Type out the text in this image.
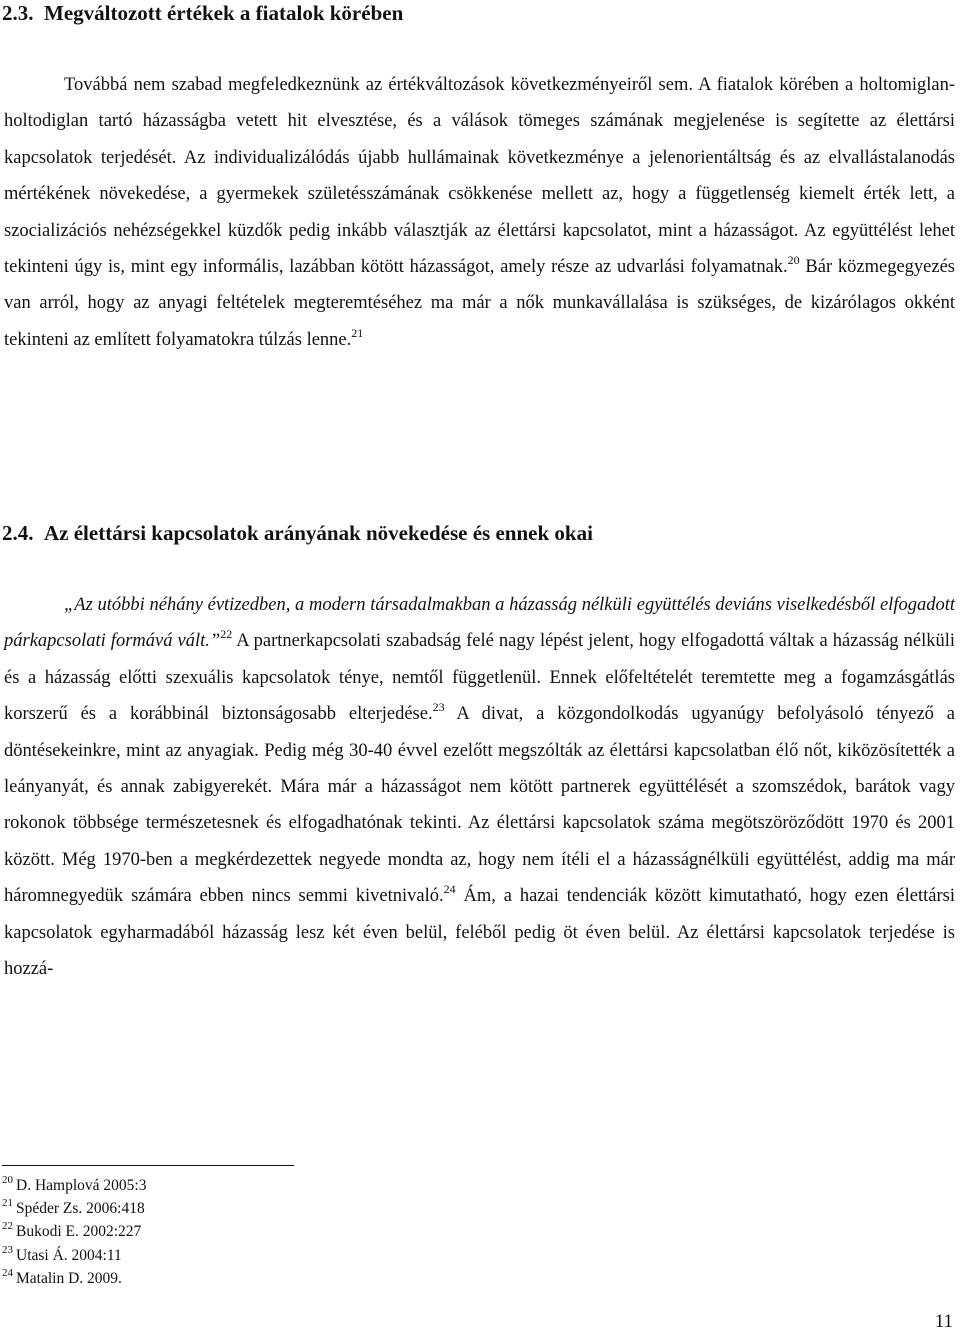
2.3. Megváltozott értékek a fiatalok körében

Továbbá nem szabad megfeledkeznünk az értékváltozások következményeiről sem. A fiatalok körében a holtomiglan-holtodiglan tartó házasságba vetett hit elvesztése, és a válások tömeges számának megjelenése is segítette az élettársi kapcsolatok terjedését. Az individualizálódás újabb hullámainak következménye a jelenorientáltság és az elvallástalanodás mértékének növekedése, a gyermekek születésszámának csökkenése mellett az, hogy a függetlenség kiemelt érték lett, a szocializációs nehézségekkel küzdők pedig inkább választják az élettársi kapcsolatot, mint a házasságot. Az együttélést lehet tekinteni úgy is, mint egy informális, lazábban kötött házasságot, amely része az udvarlási folyamatnak.$^{20}$ Bár közmegegyezés van arról, hogy az anyagi feltételek megteremtéséhez ma már a nők munkavállalása is szükséges, de kizárólagos okként tekinteni az említett folyamatokra túlzás lenne.$^{21}$

2.4. Az élettársi kapcsolatok arányának növekedése és ennek okai

„Az utóbbi néhány évtizedben, a modern társadalmakban a házasság nélküli együttélés deviáns viselkedésből elfogadott párkapcsolati formává vált.”$^{22}$ A partnerkapcsolati szabadság felé nagy lépést jelent, hogy elfogadottá váltak a házasság nélküli és a házasság előtti szexuális kapcsolatok ténye, nemtől függetlenül. Ennek előfeltételét teremtette meg a fogamzásgátlás korszerű és a korábbinál biztonságosabb elterjedése.$^{23}$ A divat, a közgondolkodás ugyanúgy befolyásoló tényező a döntésekeinkre, mint az anyagiak. Pedig még 30-40 évvel ezelőtt megszólták az élettársi kapcsolatban élő nőt, kiközösítették a leányanyát, és annak zabigyerekét. Mára már a házasságot nem kötött partnerek együttélését a szomszédok, barátok vagy rokonok többsége természetesnek és elfogadhatónak tekinti. Az élettársi kapcsolatok száma megötszöröződött 1970 és 2001 között. Még 1970-ben a megkérdezettek negyede mondta az, hogy nem ítéli el a házasságnélküli együttélést, addig ma már háromnegyedük számára ebben nincs semmi kivetnivaló.$^{24}$ Ám, a hazai tendenciák között kimutatható, hogy ezen élettársi kapcsolatok egyharmadából házasság lesz két éven belül, feléből pedig öt éven belül. Az élettársi kapcsolatok terjedése is hozzá-

$^{20}$ D. Hamplová 2005:3
$^{21}$ Spéder Zs. 2006:418
$^{22}$ Bukodi E. 2002:227
$^{23}$ Utasi Á. 2004:11
$^{24}$ Matalin D. 2009.
11
